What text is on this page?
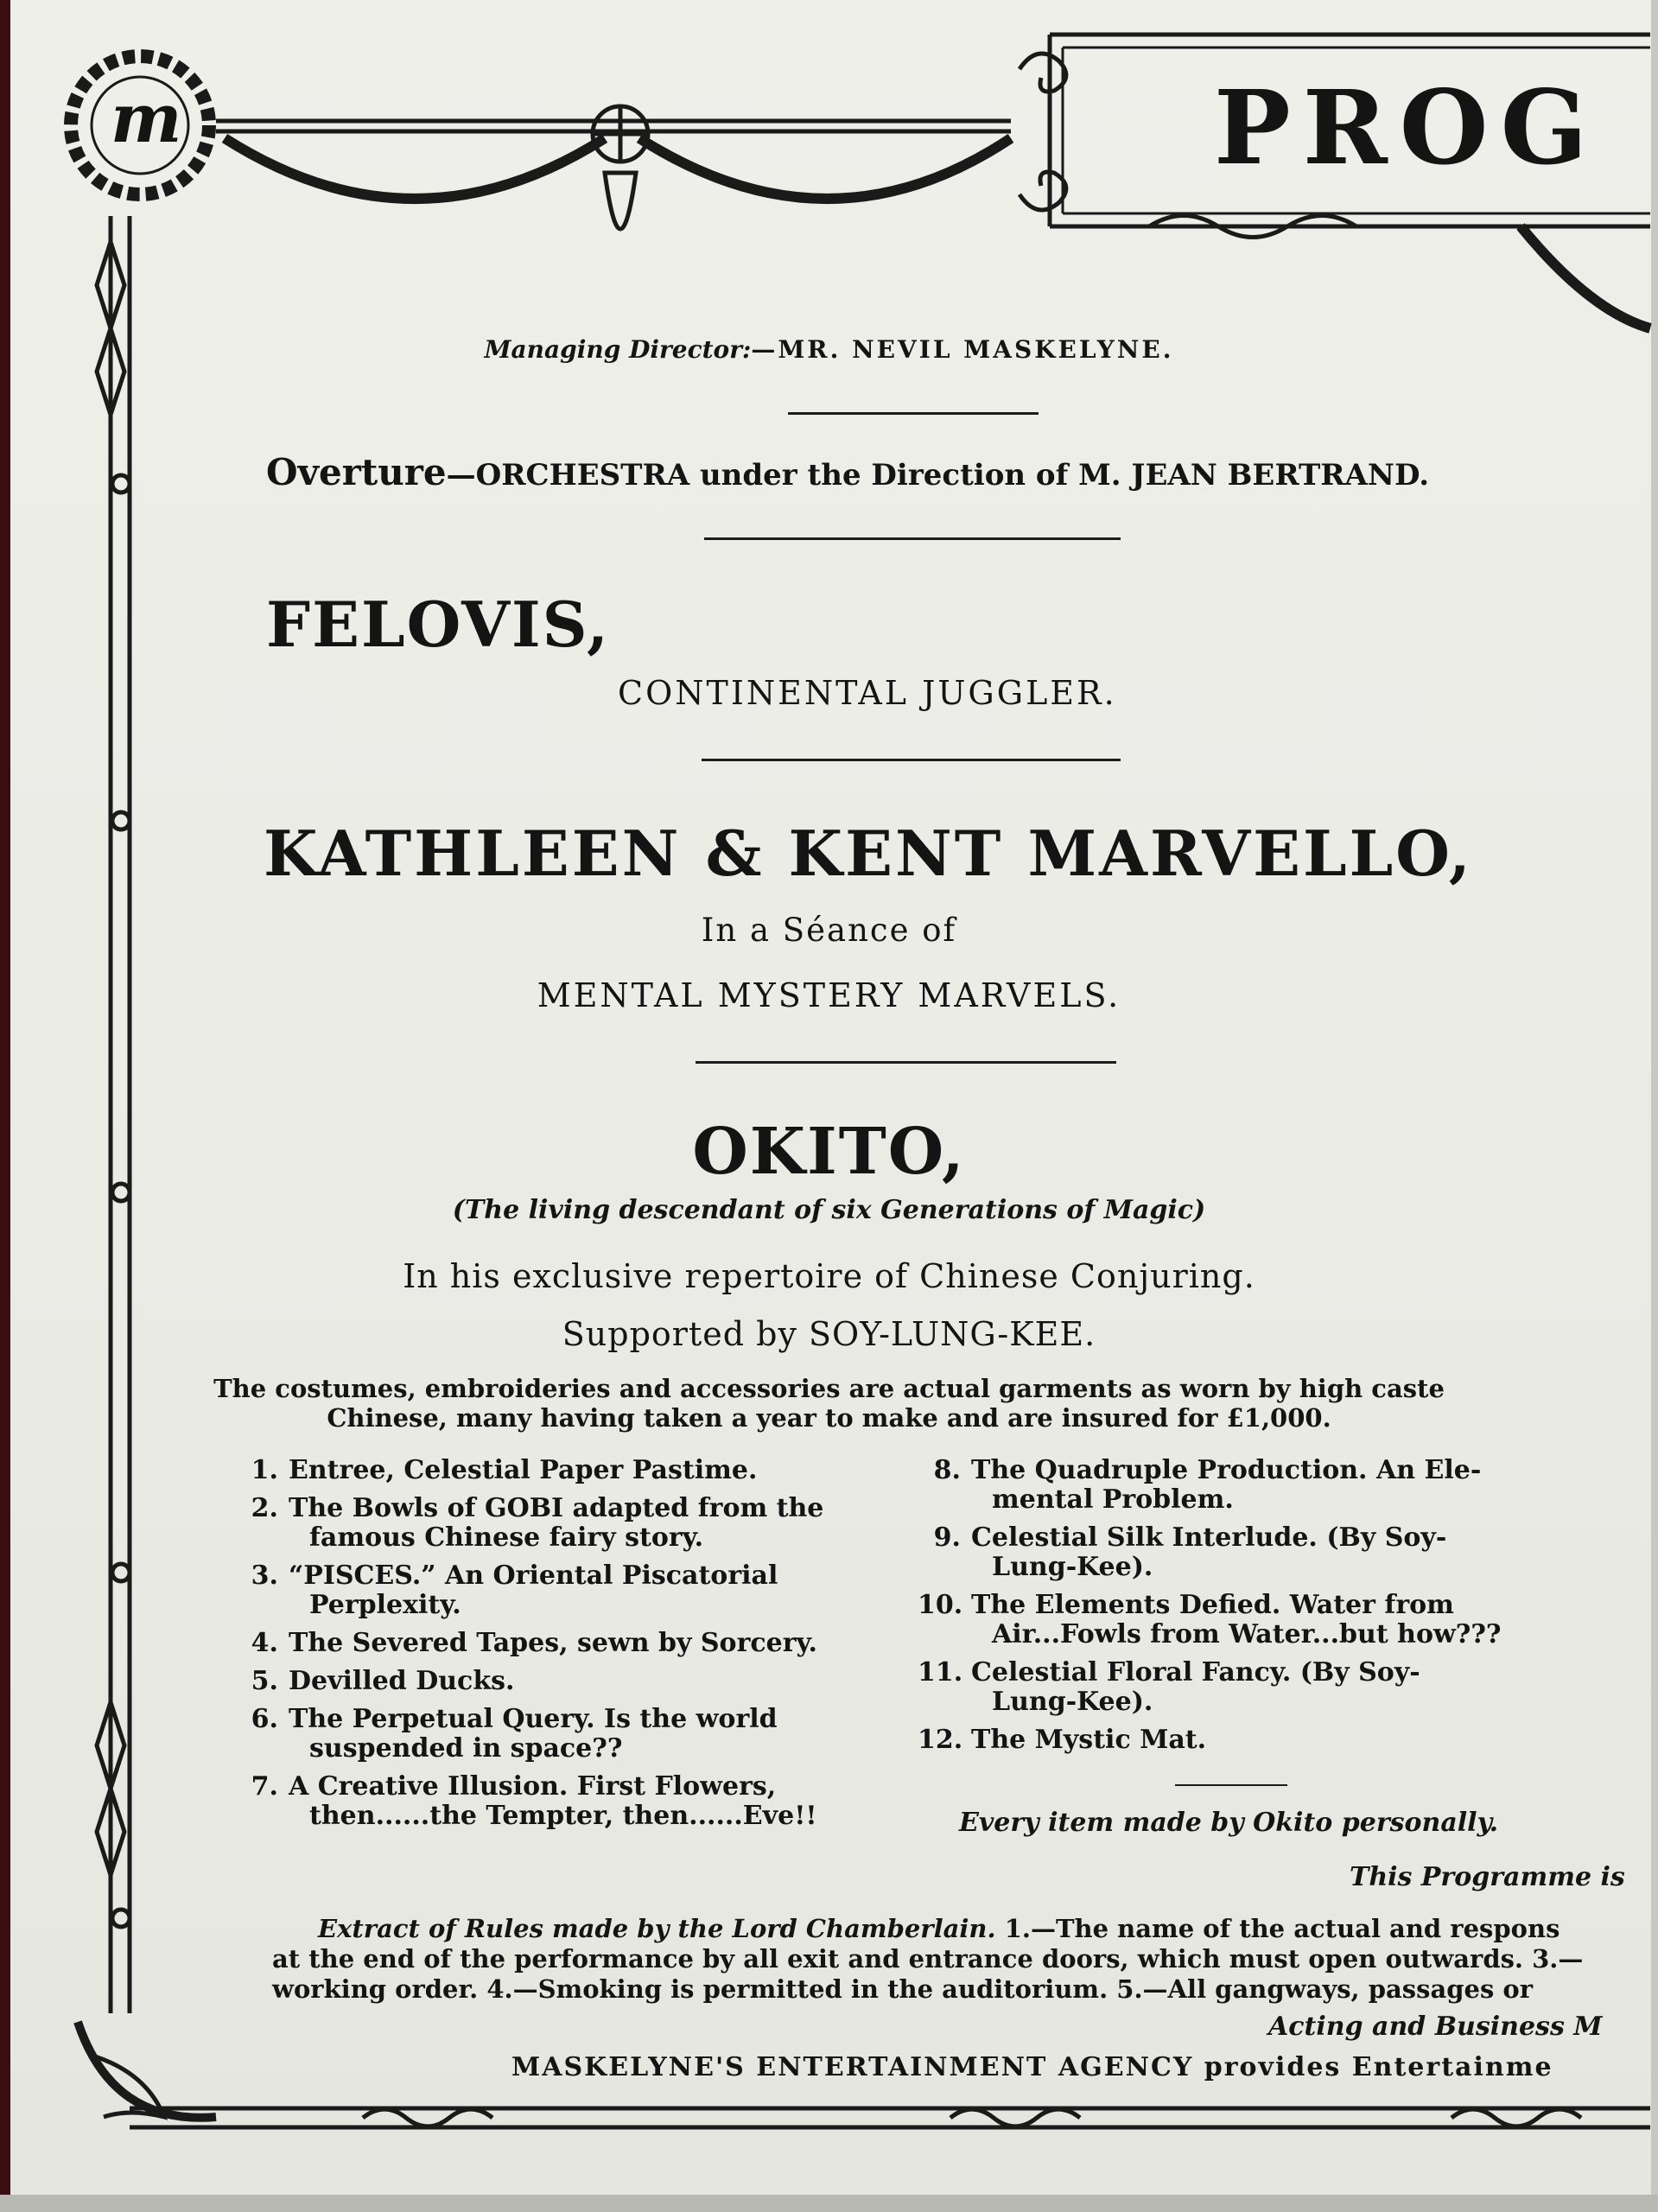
m	PROG
Managing Director:—MR. NEVIL MASKELYNE.
Overture—ORCHESTRA under the Direction of M. JEAN BERTRAND.
FELOVIS,
CONTINENTAL JUGGLER.
KATHLEEN & KENT MARVELLO,
In a Séance of
MENTAL MYSTERY MARVELS.
OKITO,
(The living descendant of six Generations of Magic)
In his exclusive repertoire of Chinese Conjuring.
Supported by SOY-LUNG-KEE.
The costumes, embroideries and accessories are actual garments as worn by high caste
Chinese, many having taken a year to make and are insured for £1,000.
1. Entree, Celestial Paper Pastime.
2. The Bowls of GOBI adapted from the
famous Chinese fairy story.
3. “PISCES.” An Oriental Piscatorial
Perplexity.
4. The Severed Tapes, sewn by Sorcery.
5. Devilled Ducks.
6. The Perpetual Query. Is the world
suspended in space??
7. A Creative Illusion. First Flowers,
then......the Tempter, then......Eve!!
8. The Quadruple Production. An Ele-
mental Problem.
9. Celestial Silk Interlude. (By Soy-
Lung-Kee).
10. The Elements Defied. Water from
Air...Fowls from Water...but how???
11. Celestial Floral Fancy. (By Soy-
Lung-Kee).
12. The Mystic Mat.
Every item made by Okito personally.
This Programme is
Extract of Rules made by the Lord Chamberlain. 1.—The name of the actual and respons
at the end of the performance by all exit and entrance doors, which must open outwards. 3.—
working order. 4.—Smoking is permitted in the auditorium. 5.—All gangways, passages or
Acting and Business M
MASKELYNE'S ENTERTAINMENT AGENCY provides Entertainme
